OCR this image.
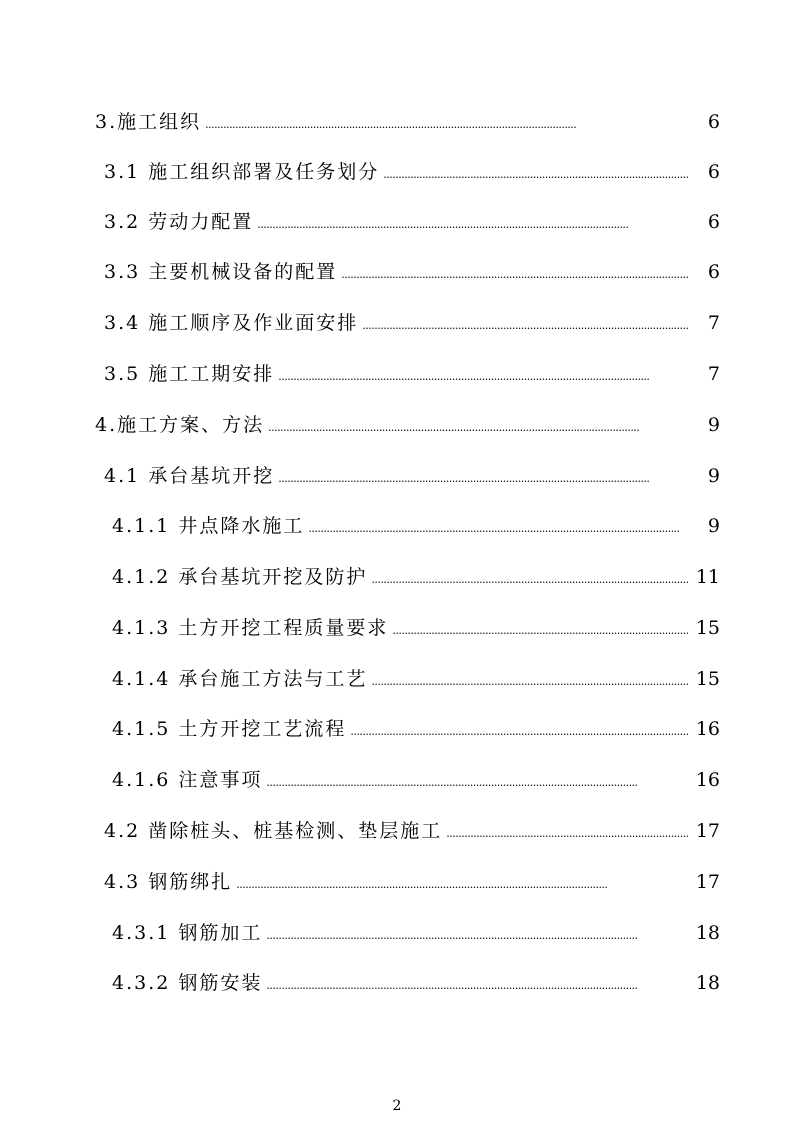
3.施工组织 . . .	6
3.1 施工组织部署及任务划分 . . .	6
3.2 劳动力配置 . . .	6
3.3 主要机械设备的配置 . . .	6
3.4 施工顺序及作业面安排 . . .	7
3.5 施工工期安排 . . .	7
4.施工方案、方法 . . .	9
4.1 承台基坑开挖 . . .	9
4.1.1 井点降水施工 . . .	9
4.1.2 承台基坑开挖及防护 . . .	11
4.1.3 土方开挖工程质量要求 . . .	15
4.1.4 承台施工方法与工艺 . . .	15
4.1.5 土方开挖工艺流程 . . .	16
4.1.6 注意事项 . . .	16
4.2 凿除桩头、桩基检测、垫层施工 . . .	17
4.3 钢筋绑扎 . . .	17
4.3.1 钢筋加工 . . .	18
4.3.2 钢筋安装 . . .	18
2
